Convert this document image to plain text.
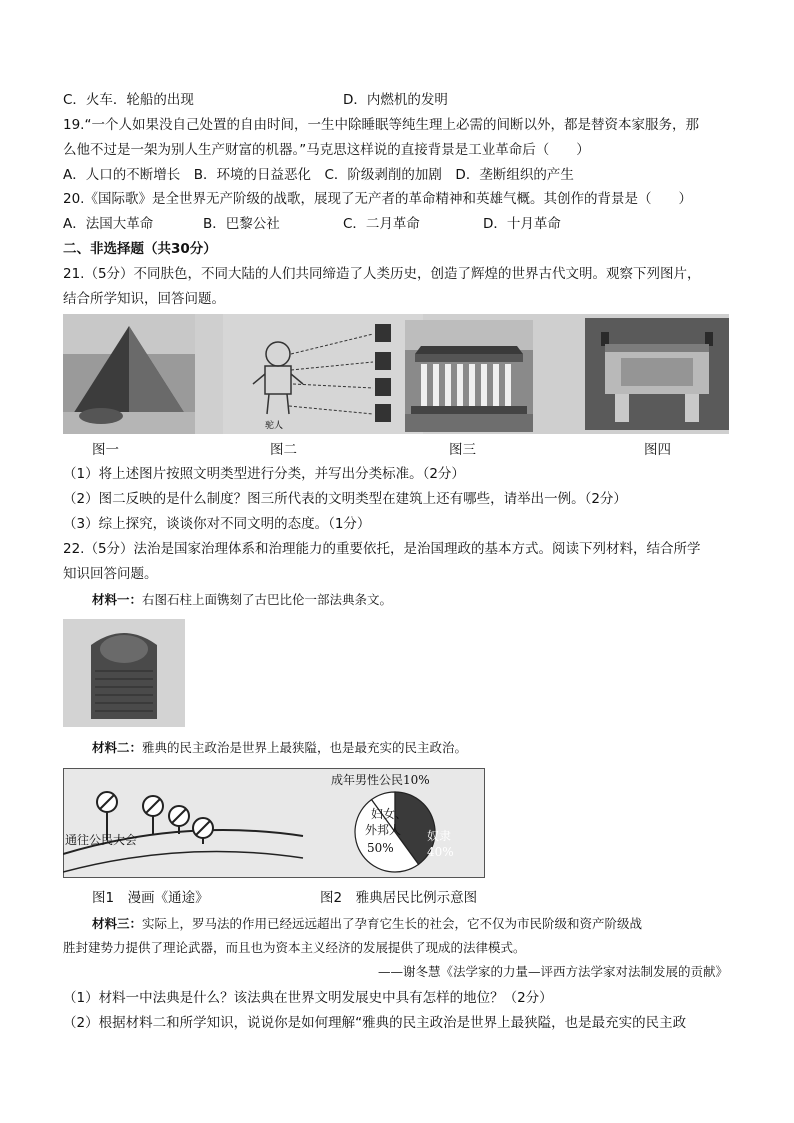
C．火车．轮船的出现	D．内燃机的发明
19.“一个人如果没自己处置的自由时间，一生中除睡眠等纯生理上必需的间断以外，都是替资本家服务，那
么他不过是一架为别人生产财富的机器。”马克思这样说的直接背景是工业革命后（　　）
A．人口的不断增长　B．环境的日益恶化　C．阶级剥削的加剧　D．垄断组织的产生
20.《国际歌》是全世界无产阶级的战歌，展现了无产者的革命精神和英雄气概。其创作的背景是（　　）
A．法国大革命	B．巴黎公社	C．二月革命	D．十月革命
二、非选择题（共30分）
21.（5分）不同肤色，不同大陆的人们共同缔造了人类历史，创造了辉煌的世界古代文明。观察下列图片，
结合所学知识，回答问题。
驼人
图一	图二	图三	图四
（1）将上述图片按照文明类型进行分类，并写出分类标准。（2分）
（2）图二反映的是什么制度？图三所代表的文明类型在建筑上还有哪些，请举出一例。（2分）
（3）综上探究，谈谈你对不同文明的态度。（1分）
22.（5分）法治是国家治理体系和治理能力的重要依托，是治国理政的基本方式。阅读下列材料，结合所学
知识回答问题。
材料一：右图石柱上面镌刻了古巴比伦一部法典条文。
材料二：雅典的民主政治是世界上最狭隘，也是最充实的民主政治。
通往公民大会
成年男性公民10%
妇女、
外邦人
50%
奴隶
40%
图1　漫画《通途》	图2　雅典居民比例示意图
材料三：实际上，罗马法的作用已经远远超出了孕育它生长的社会，它不仅为市民阶级和资产阶级战
胜封建势力提供了理论武器，而且也为资本主义经济的发展提供了现成的法律模式。
——谢冬慧《法学家的力量—评西方法学家对法制发展的贡献》
（1）材料一中法典是什么？该法典在世界文明发展史中具有怎样的地位？（2分）
（2）根据材料二和所学知识，说说你是如何理解“雅典的民主政治是世界上最狭隘，也是最充实的民主政
